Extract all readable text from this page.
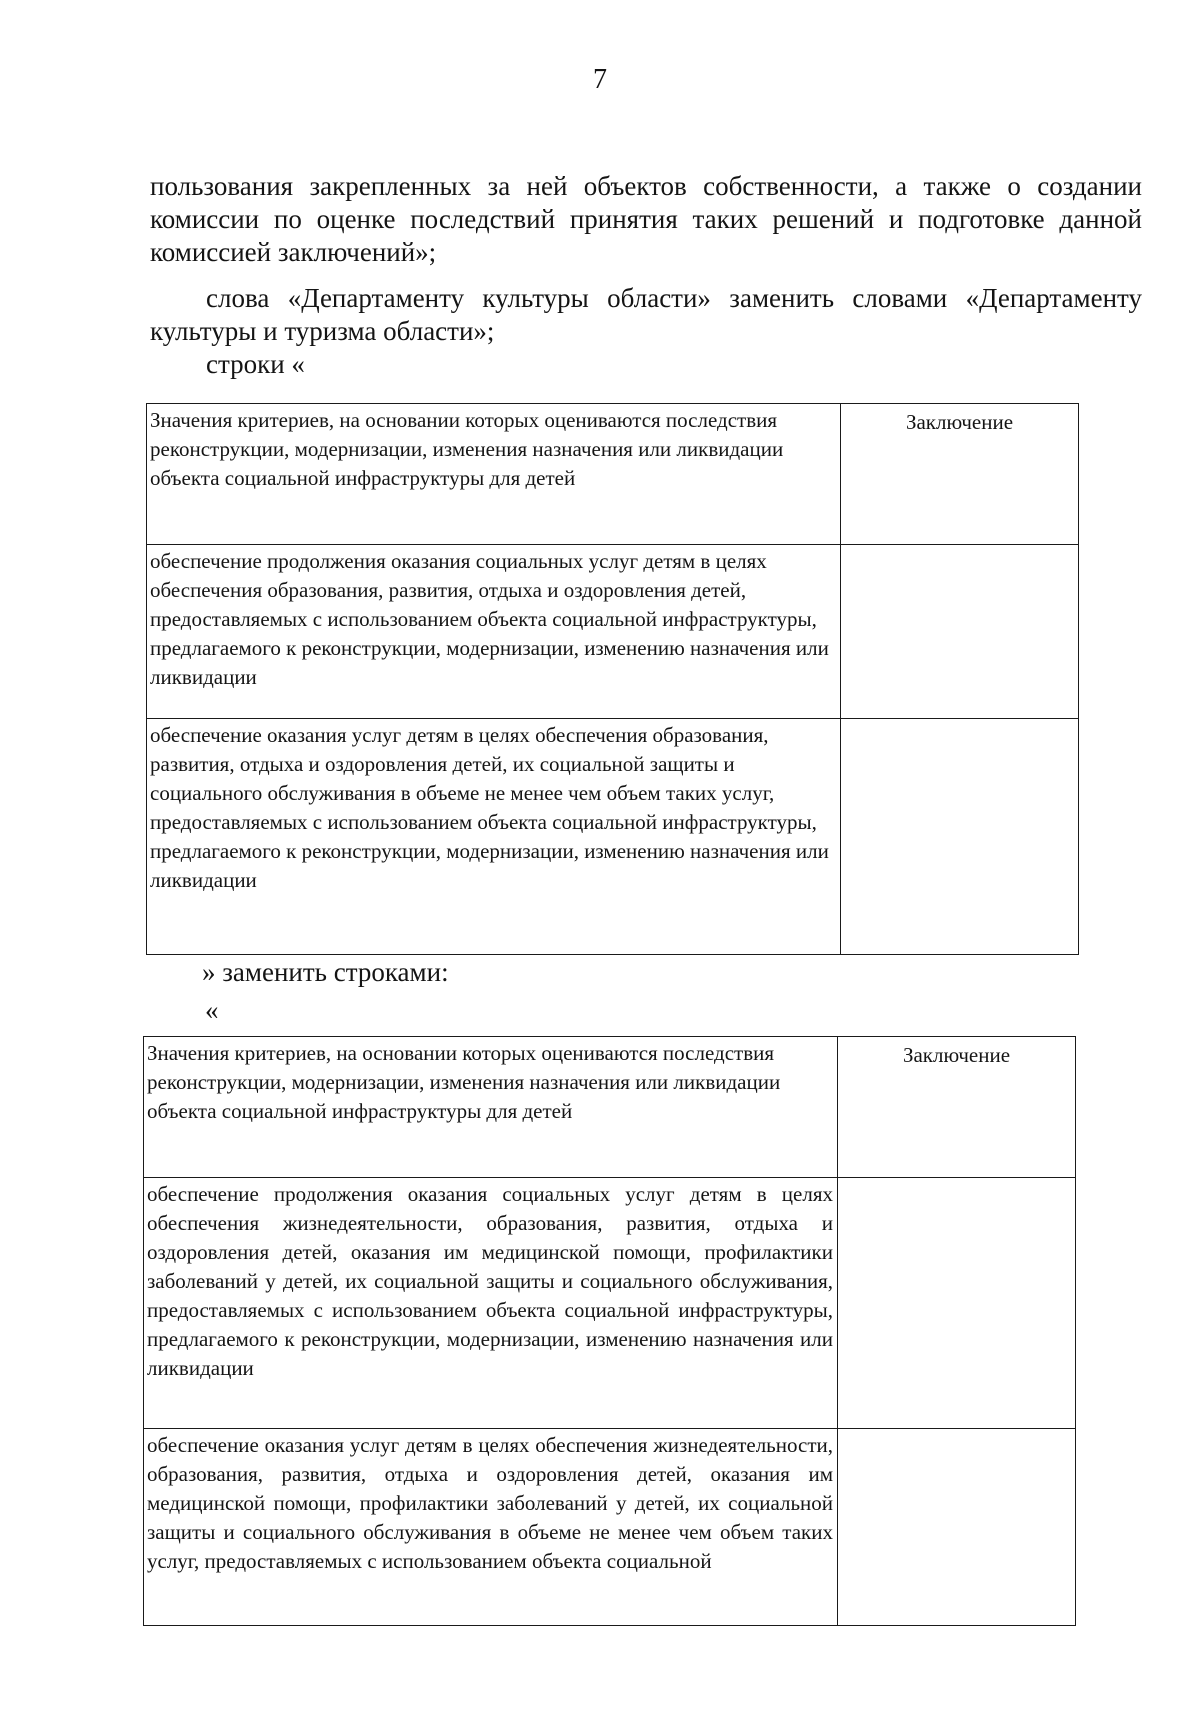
7

пользования закрепленных за ней объектов собственности, а также о создании комиссии по оценке последствий принятия таких решений и подготовке данной комиссией заключений»;

слова «Департаменту культуры области» заменить словами «Департаменту культуры и туризма области»;

строки «

Значения критериев, на основании которых оцениваются последствия реконструкции, модернизации, изменения назначения или ликвидации объекта социальной инфраструктуры для детей	Заключение

обеспечение продолжения оказания социальных услуг детям в целях обеспечения образования, развития, отдыха и оздоровления детей, предоставляемых с использованием объекта социальной инфраструктуры, предлагаемого к реконструкции, модернизации, изменению назначения или ликвидации	

обеспечение оказания услуг детям в целях обеспечения образования, развития, отдыха и оздоровления детей, их социальной защиты и социального обслуживания в объеме не менее чем объем таких услуг, предоставляемых с использованием объекта социальной инфраструктуры, предлагаемого к реконструкции, модернизации, изменению назначения или ликвидации	

» заменить строками:

«

Значения критериев, на основании которых оцениваются последствия реконструкции, модернизации, изменения назначения или ликвидации объекта социальной инфраструктуры для детей	Заключение

обеспечение продолжения оказания социальных услуг детям в целях обеспечения жизнедеятельности, образования, развития, отдыха и оздоровления детей, оказания им медицинской помощи, профилактики заболеваний у детей, их социальной защиты и социального обслуживания, предоставляемых с использованием объекта социальной инфраструктуры, предлагаемого к реконструкции, модернизации, изменению назначения или ликвидации	

обеспечение оказания услуг детям в целях обеспечения жизнедеятельности, образования, развития, отдыха и оздоровления детей, оказания им медицинской помощи, профилактики заболеваний у детей, их социальной защиты и социального обслуживания в объеме не менее чем объем таких услуг, предоставляемых с использованием объекта социальной	
